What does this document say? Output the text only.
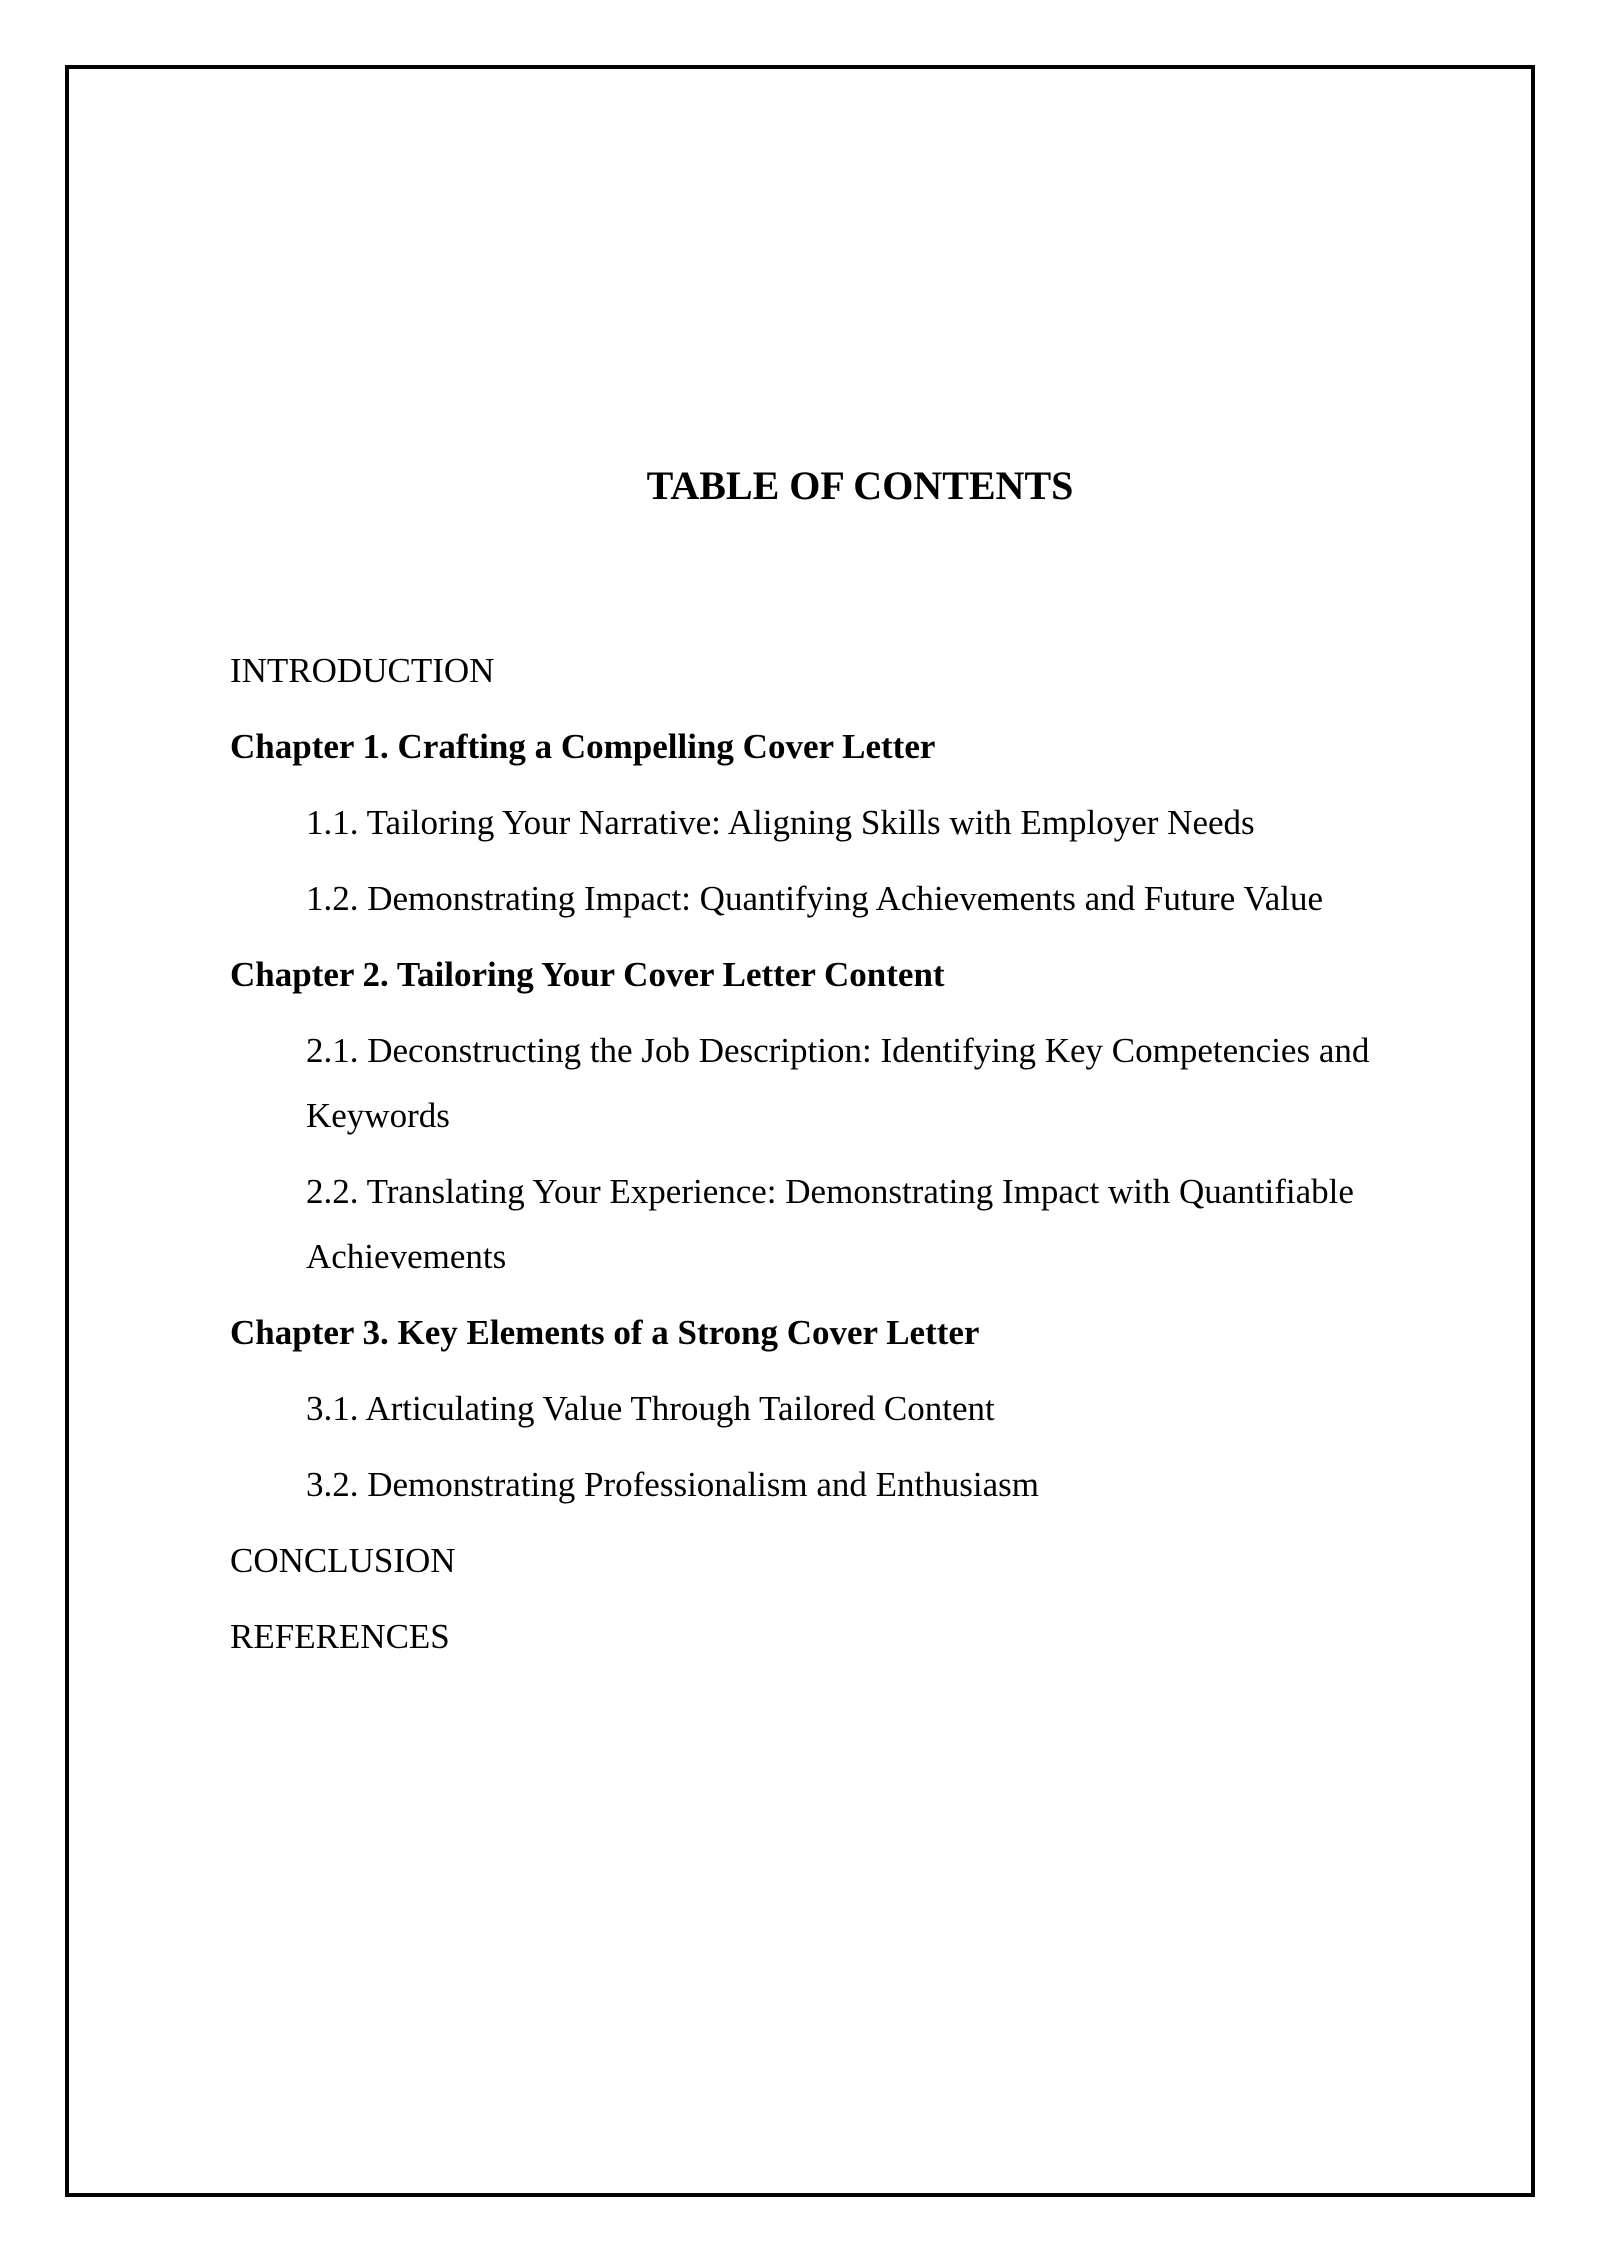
TABLE OF CONTENTS
INTRODUCTION
Chapter 1. Crafting a Compelling Cover Letter
1.1. Tailoring Your Narrative: Aligning Skills with Employer Needs
1.2. Demonstrating Impact: Quantifying Achievements and Future Value
Chapter 2. Tailoring Your Cover Letter Content
2.1. Deconstructing the Job Description: Identifying Key Competencies and
Keywords
2.2. Translating Your Experience: Demonstrating Impact with Quantifiable
Achievements
Chapter 3. Key Elements of a Strong Cover Letter
3.1. Articulating Value Through Tailored Content
3.2. Demonstrating Professionalism and Enthusiasm
CONCLUSION
REFERENCES
